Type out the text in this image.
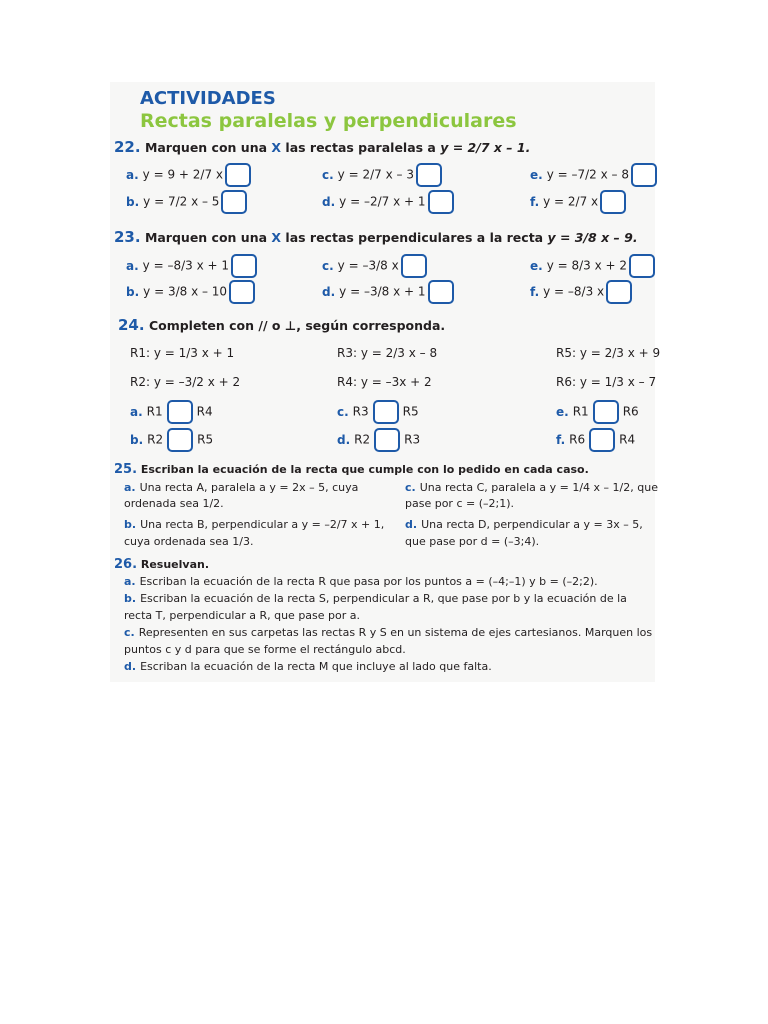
ACTIVIDADES
Rectas paralelas y perpendiculares
22. Marquen con una X las rectas paralelas a y = 2/7 x – 1.
a. y = 9 + 2/7 x
b. y = 7/2 x – 5
c. y = 2/7 x – 3
d. y = –2/7 x + 1
e. y = –7/2 x – 8
f. y = 2/7 x
23. Marquen con una X las rectas perpendiculares a la recta y = 3/8 x – 9.
a. y = –8/3 x + 1
b. y = 3/8 x – 10
c. y = –3/8 x
d. y = –3/8 x + 1
e. y = 8/3 x + 2
f. y = –8/3 x
24. Completen con // o ⊥, según corresponda.
R1: y = 1/3 x + 1
R2: y = –3/2 x + 2
R3: y = 2/3 x – 8
R4: y = –3x + 2
R5: y = 2/3 x + 9
R6: y = 1/3 x – 7
a. R1	R4
b. R2	R5
c. R3	R5
d. R2	R3
e. R1	R6
f. R6	R4
25. Escriban la ecuación de la recta que cumple con lo pedido en cada caso.
a. Una recta A, paralela a y = 2x – 5, cuya
ordenada sea 1/2.
b. Una recta B, perpendicular a y = –2/7 x + 1,
cuya ordenada sea 1/3.
c. Una recta C, paralela a y = 1/4 x – 1/2, que
pase por c = (–2;1).
d. Una recta D, perpendicular a y = 3x – 5,
que pase por d = (–3;4).
26. Resuelvan.
a. Escriban la ecuación de la recta R que pasa por los puntos a = (–4;–1) y b = (–2;2).
b. Escriban la ecuación de la recta S, perpendicular a R, que pase por b y la ecuación de la
recta T, perpendicular a R, que pase por a.
c. Representen en sus carpetas las rectas R y S en un sistema de ejes cartesianos. Marquen los
puntos c y d para que se forme el rectángulo abcd.
d. Escriban la ecuación de la recta M que incluye al lado que falta.
